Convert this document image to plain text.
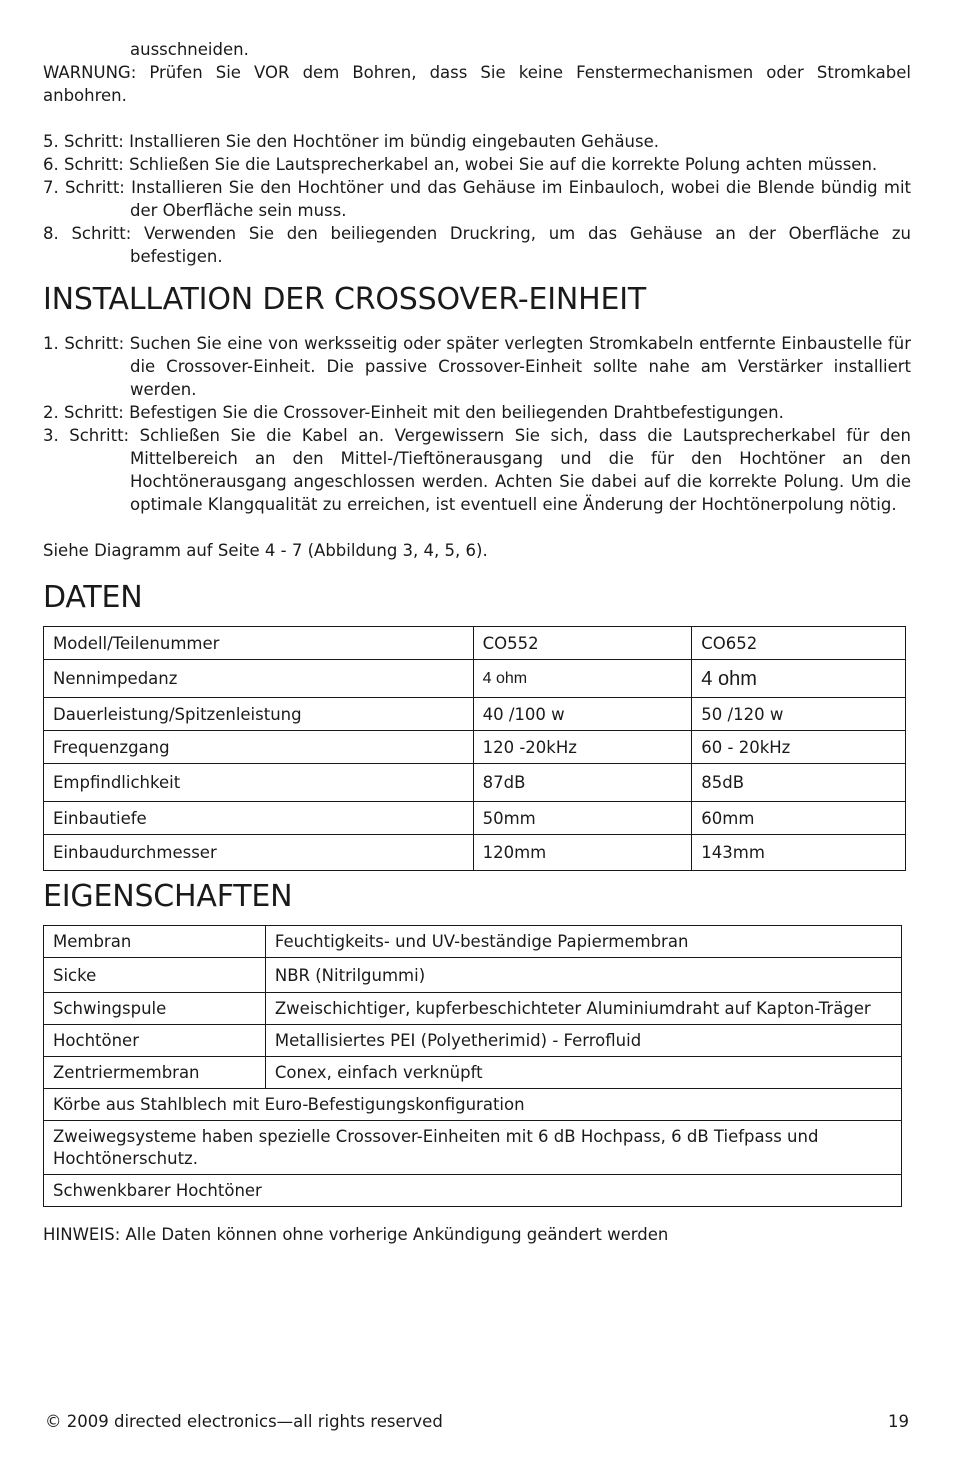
ausschneiden.

WARNUNG: Prüfen Sie VOR dem Bohren, dass Sie keine Fenstermechanismen oder Stromkabel anbohren.

5. Schritt: Installieren Sie den Hochtöner im bündig eingebauten Gehäuse.

6. Schritt: Schließen Sie die Lautsprecherkabel an, wobei Sie auf die korrekte Polung achten müssen.

7. Schritt: Installieren Sie den Hochtöner und das Gehäuse im Einbauloch, wobei die Blende bündig mit der Oberfläche sein muss.

8. Schritt: Verwenden Sie den beiliegenden Druckring, um das Gehäuse an der Oberfläche zu befestigen.

INSTALLATION DER CROSSOVER-EINHEIT

1. Schritt: Suchen Sie eine von werksseitig oder später verlegten Stromkabeln entfernte Einbaustelle für die Crossover-Einheit. Die passive Crossover-Einheit sollte nahe am Verstärker installiert werden.

2. Schritt: Befestigen Sie die Crossover-Einheit mit den beiliegenden Drahtbefestigungen.

3. Schritt: Schließen Sie die Kabel an. Vergewissern Sie sich, dass die Lautsprecherkabel für den Mittelbereich an den Mittel-/Tieftönerausgang und die für den Hochtöner an den Hochtönerausgang angeschlossen werden. Achten Sie dabei auf die korrekte Polung. Um die optimale Klangqualität zu erreichen, ist eventuell eine Änderung der Hochtönerpolung nötig.

Siehe Diagramm auf Seite 4 - 7 (Abbildung 3, 4, 5, 6).

DATEN
Modell/Teilenummer	CO552	CO652
Nennimpedanz	4 ohm	4 ohm
Dauerleistung/Spitzenleistung	40 /100 w	50 /120 w
Frequenzgang	120 -20kHz	60 - 20kHz
Empfindlichkeit	87dB	85dB
Einbautiefe	50mm	60mm
Einbaudurchmesser	120mm	143mm
EIGENSCHAFTEN
Membran	Feuchtigkeits- und UV-beständige Papiermembran
Sicke	NBR (Nitrilgummi)
Schwingspule	Zweischichtiger, kupferbeschichteter Aluminiumdraht auf Kapton-Träger
Hochtöner	Metallisiertes PEI (Polyetherimid) - Ferrofluid
Zentriermembran	Conex, einfach verknüpft
Körbe aus Stahlblech mit Euro-Befestigungskonfiguration	
Zweiwegsysteme haben spezielle Crossover-Einheiten mit 6 dB Hochpass, 6 dB Tiefpass und Hochtönerschutz.	
Schwenkbarer Hochtöner	

HINWEIS: Alle Daten können ohne vorherige Ankündigung geändert werden

© 2009 directed electronics—all rights reserved	19
